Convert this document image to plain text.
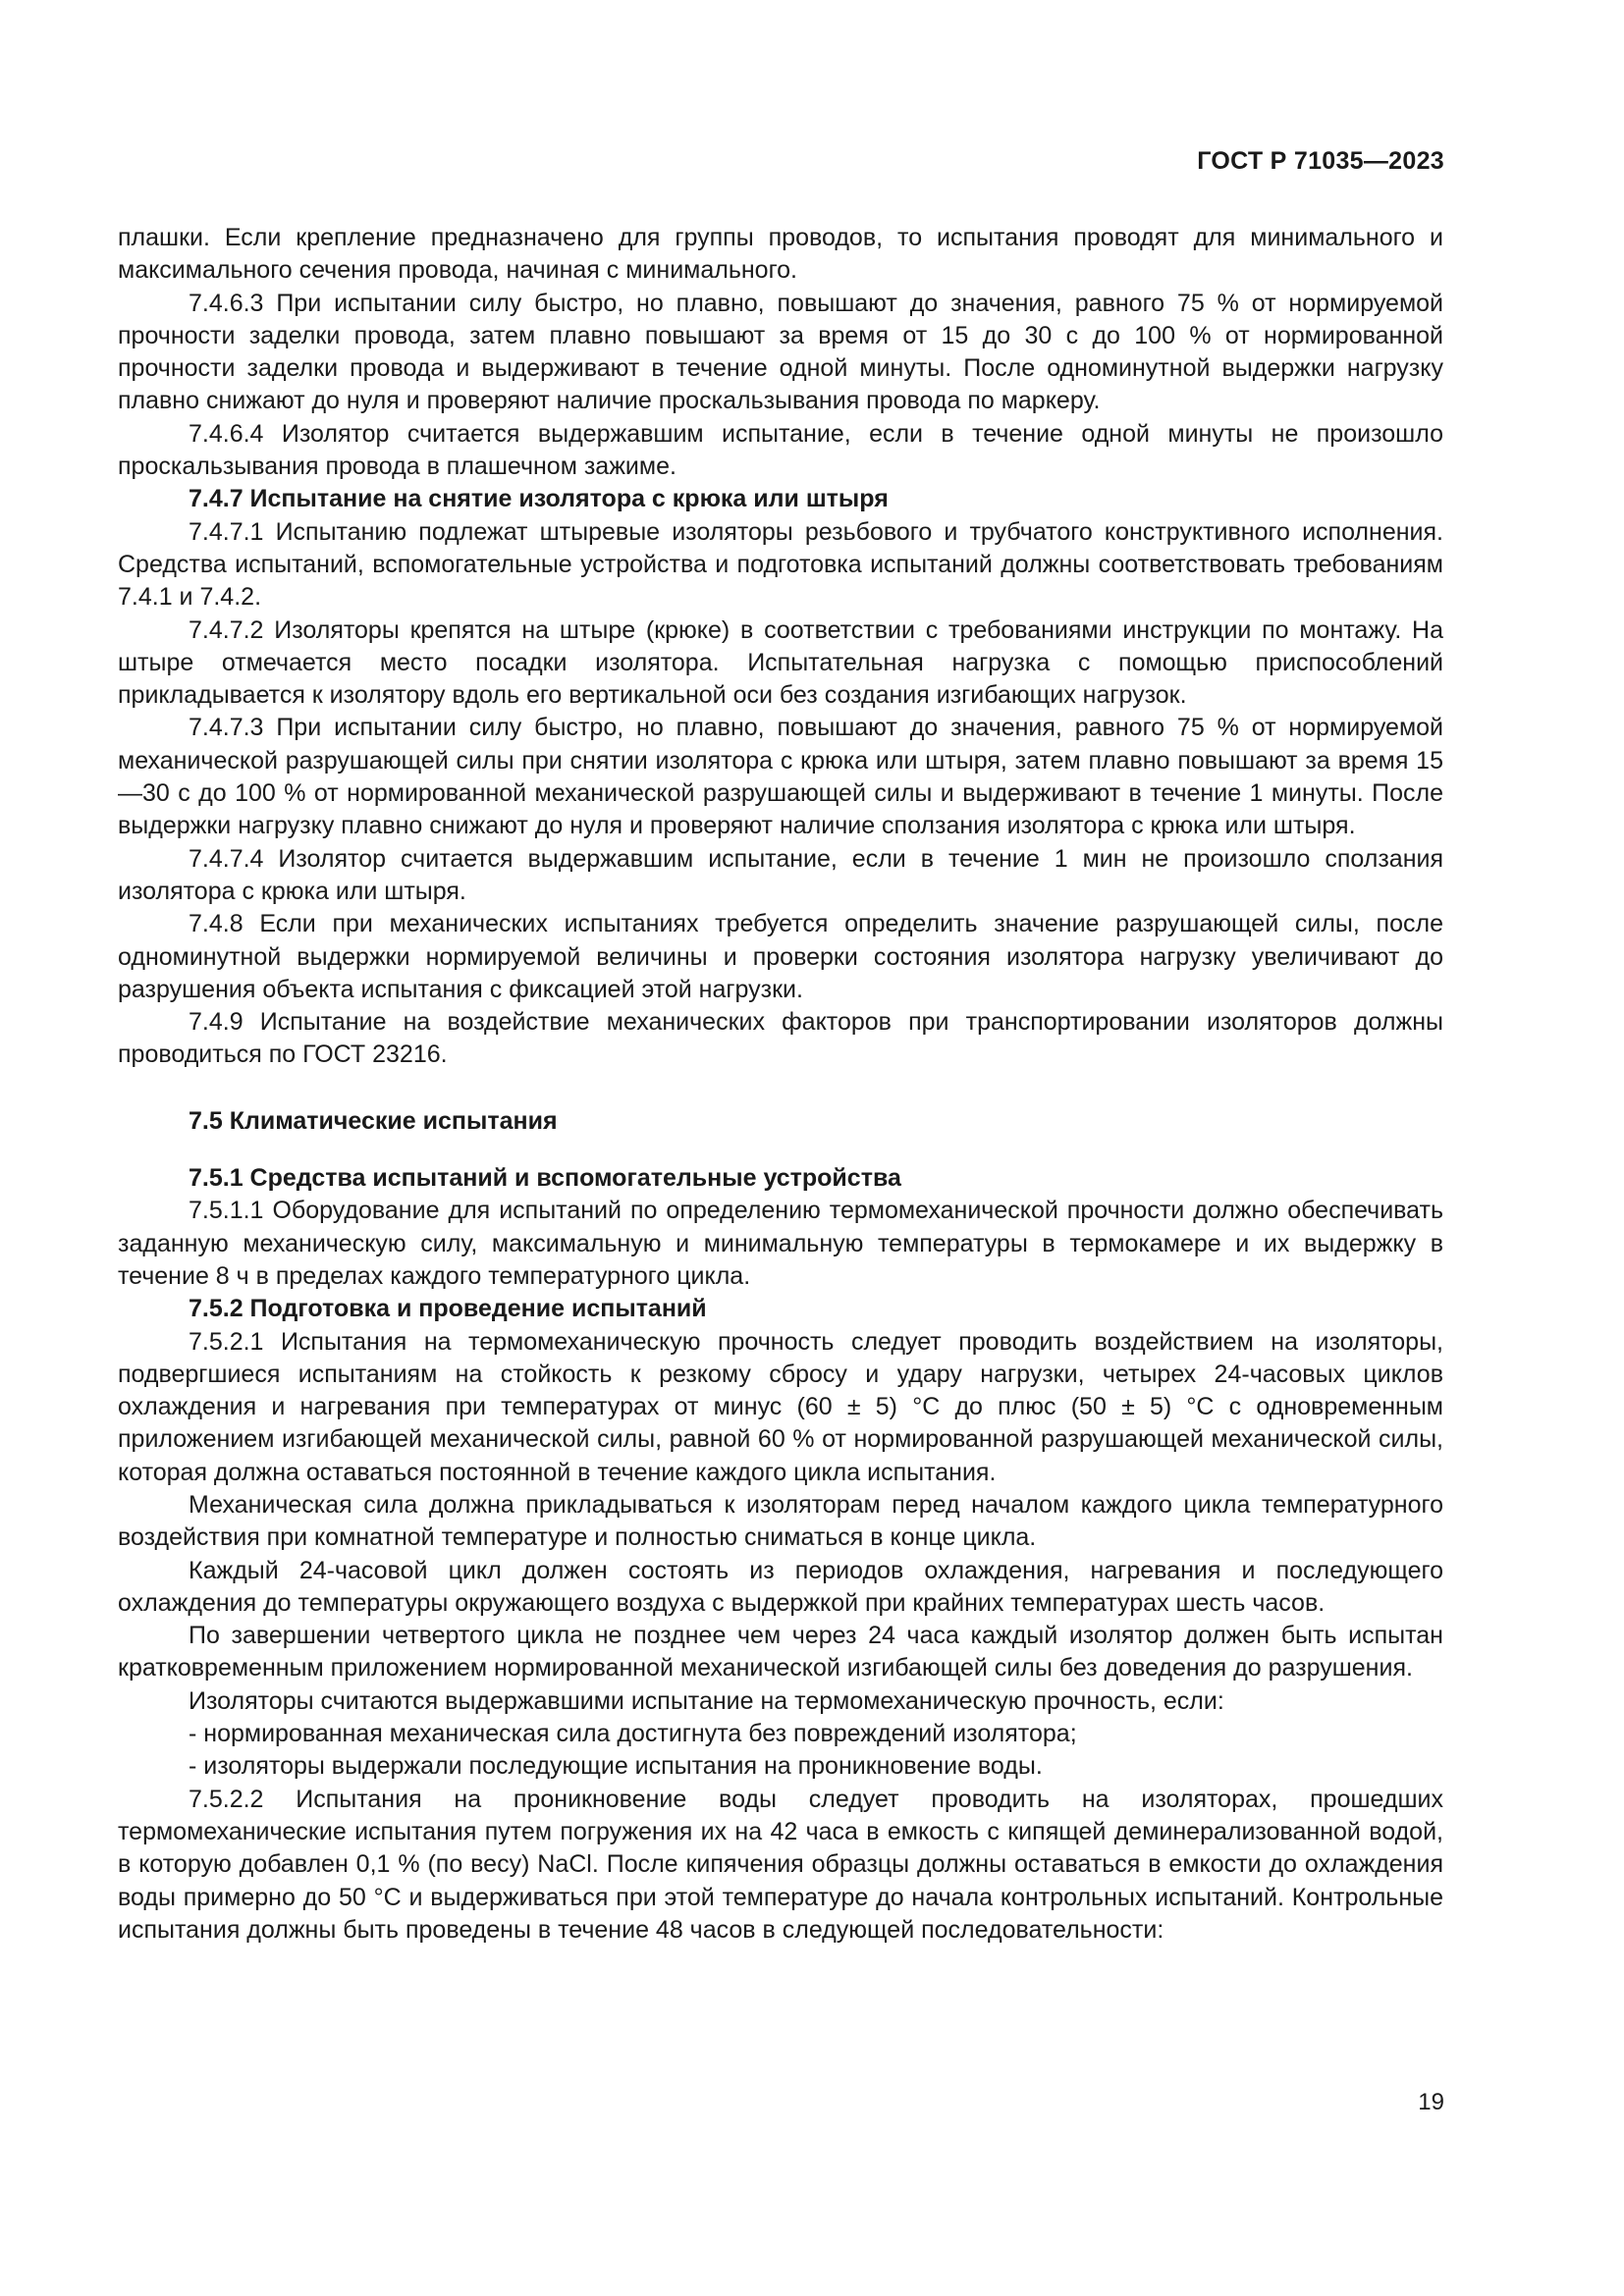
ГОСТ Р 71035—2023

плашки. Если крепление предназначено для группы проводов, то испытания проводят для минимального и максимального сечения провода, начиная с минимального.

7.4.6.3 При испытании силу быстро, но плавно, повышают до значения, равного 75 % от нормируемой прочности заделки провода, затем плавно повышают за время от 15 до 30 с до 100 % от нормированной прочности заделки провода и выдерживают в течение одной минуты. После одноминутной выдержки нагрузку плавно снижают до нуля и проверяют наличие проскальзывания провода по маркеру.

7.4.6.4 Изолятор считается выдержавшим испытание, если в течение одной минуты не произошло проскальзывания провода в плашечном зажиме.

7.4.7 Испытание на снятие изолятора с крюка или штыря

7.4.7.1 Испытанию подлежат штыревые изоляторы резьбового и трубчатого конструктивного исполнения. Средства испытаний, вспомогательные устройства и подготовка испытаний должны соответствовать требованиям 7.4.1 и 7.4.2.

7.4.7.2 Изоляторы крепятся на штыре (крюке) в соответствии с требованиями инструкции по монтажу. На штыре отмечается место посадки изолятора. Испытательная нагрузка с помощью приспособлений прикладывается к изолятору вдоль его вертикальной оси без создания изгибающих нагрузок.

7.4.7.3 При испытании силу быстро, но плавно, повышают до значения, равного 75 % от нормируемой механической разрушающей силы при снятии изолятора с крюка или штыря, затем плавно повышают за время 15—30 с до 100 % от нормированной механической разрушающей силы и выдерживают в течение 1 минуты. После выдержки нагрузку плавно снижают до нуля и проверяют наличие сползания изолятора с крюка или штыря.

7.4.7.4 Изолятор считается выдержавшим испытание, если в течение 1 мин не произошло сползания изолятора с крюка или штыря.

7.4.8 Если при механических испытаниях требуется определить значение разрушающей силы, после одноминутной выдержки нормируемой величины и проверки состояния изолятора нагрузку увеличивают до разрушения объекта испытания с фиксацией этой нагрузки.

7.4.9 Испытание на воздействие механических факторов при транспортировании изоляторов должны проводиться по ГОСТ 23216.

7.5 Климатические испытания

7.5.1 Средства испытаний и вспомогательные устройства

7.5.1.1 Оборудование для испытаний по определению термомеханической прочности должно обеспечивать заданную механическую силу, максимальную и минимальную температуры в термокамере и их выдержку в течение 8 ч в пределах каждого температурного цикла.

7.5.2 Подготовка и проведение испытаний

7.5.2.1 Испытания на термомеханическую прочность следует проводить воздействием на изоляторы, подвергшиеся испытаниям на стойкость к резкому сбросу и удару нагрузки, четырех 24-часовых циклов охлаждения и нагревания при температурах от минус (60 ± 5) °С до плюс (50 ± 5) °С с одновременным приложением изгибающей механической силы, равной 60 % от нормированной разрушающей механической силы, которая должна оставаться постоянной в течение каждого цикла испытания.

Механическая сила должна прикладываться к изоляторам перед началом каждого цикла температурного воздействия при комнатной температуре и полностью сниматься в конце цикла.

Каждый 24-часовой цикл должен состоять из периодов охлаждения, нагревания и последующего охлаждения до температуры окружающего воздуха с выдержкой при крайних температурах шесть часов.

По завершении четвертого цикла не позднее чем через 24 часа каждый изолятор должен быть испытан кратковременным приложением нормированной механической изгибающей силы без доведения до разрушения.

Изоляторы считаются выдержавшими испытание на термомеханическую прочность, если:

- нормированная механическая сила достигнута без повреждений изолятора;

- изоляторы выдержали последующие испытания на проникновение воды.

7.5.2.2 Испытания на проникновение воды следует проводить на изоляторах, прошедших термомеханические испытания путем погружения их на 42 часа в емкость с кипящей деминерализованной водой, в которую добавлен 0,1 % (по весу) NaCl. После кипячения образцы должны оставаться в емкости до охлаждения воды примерно до 50 °С и выдерживаться при этой температуре до начала контрольных испытаний. Контрольные испытания должны быть проведены в течение 48 часов в следующей последовательности:

19
